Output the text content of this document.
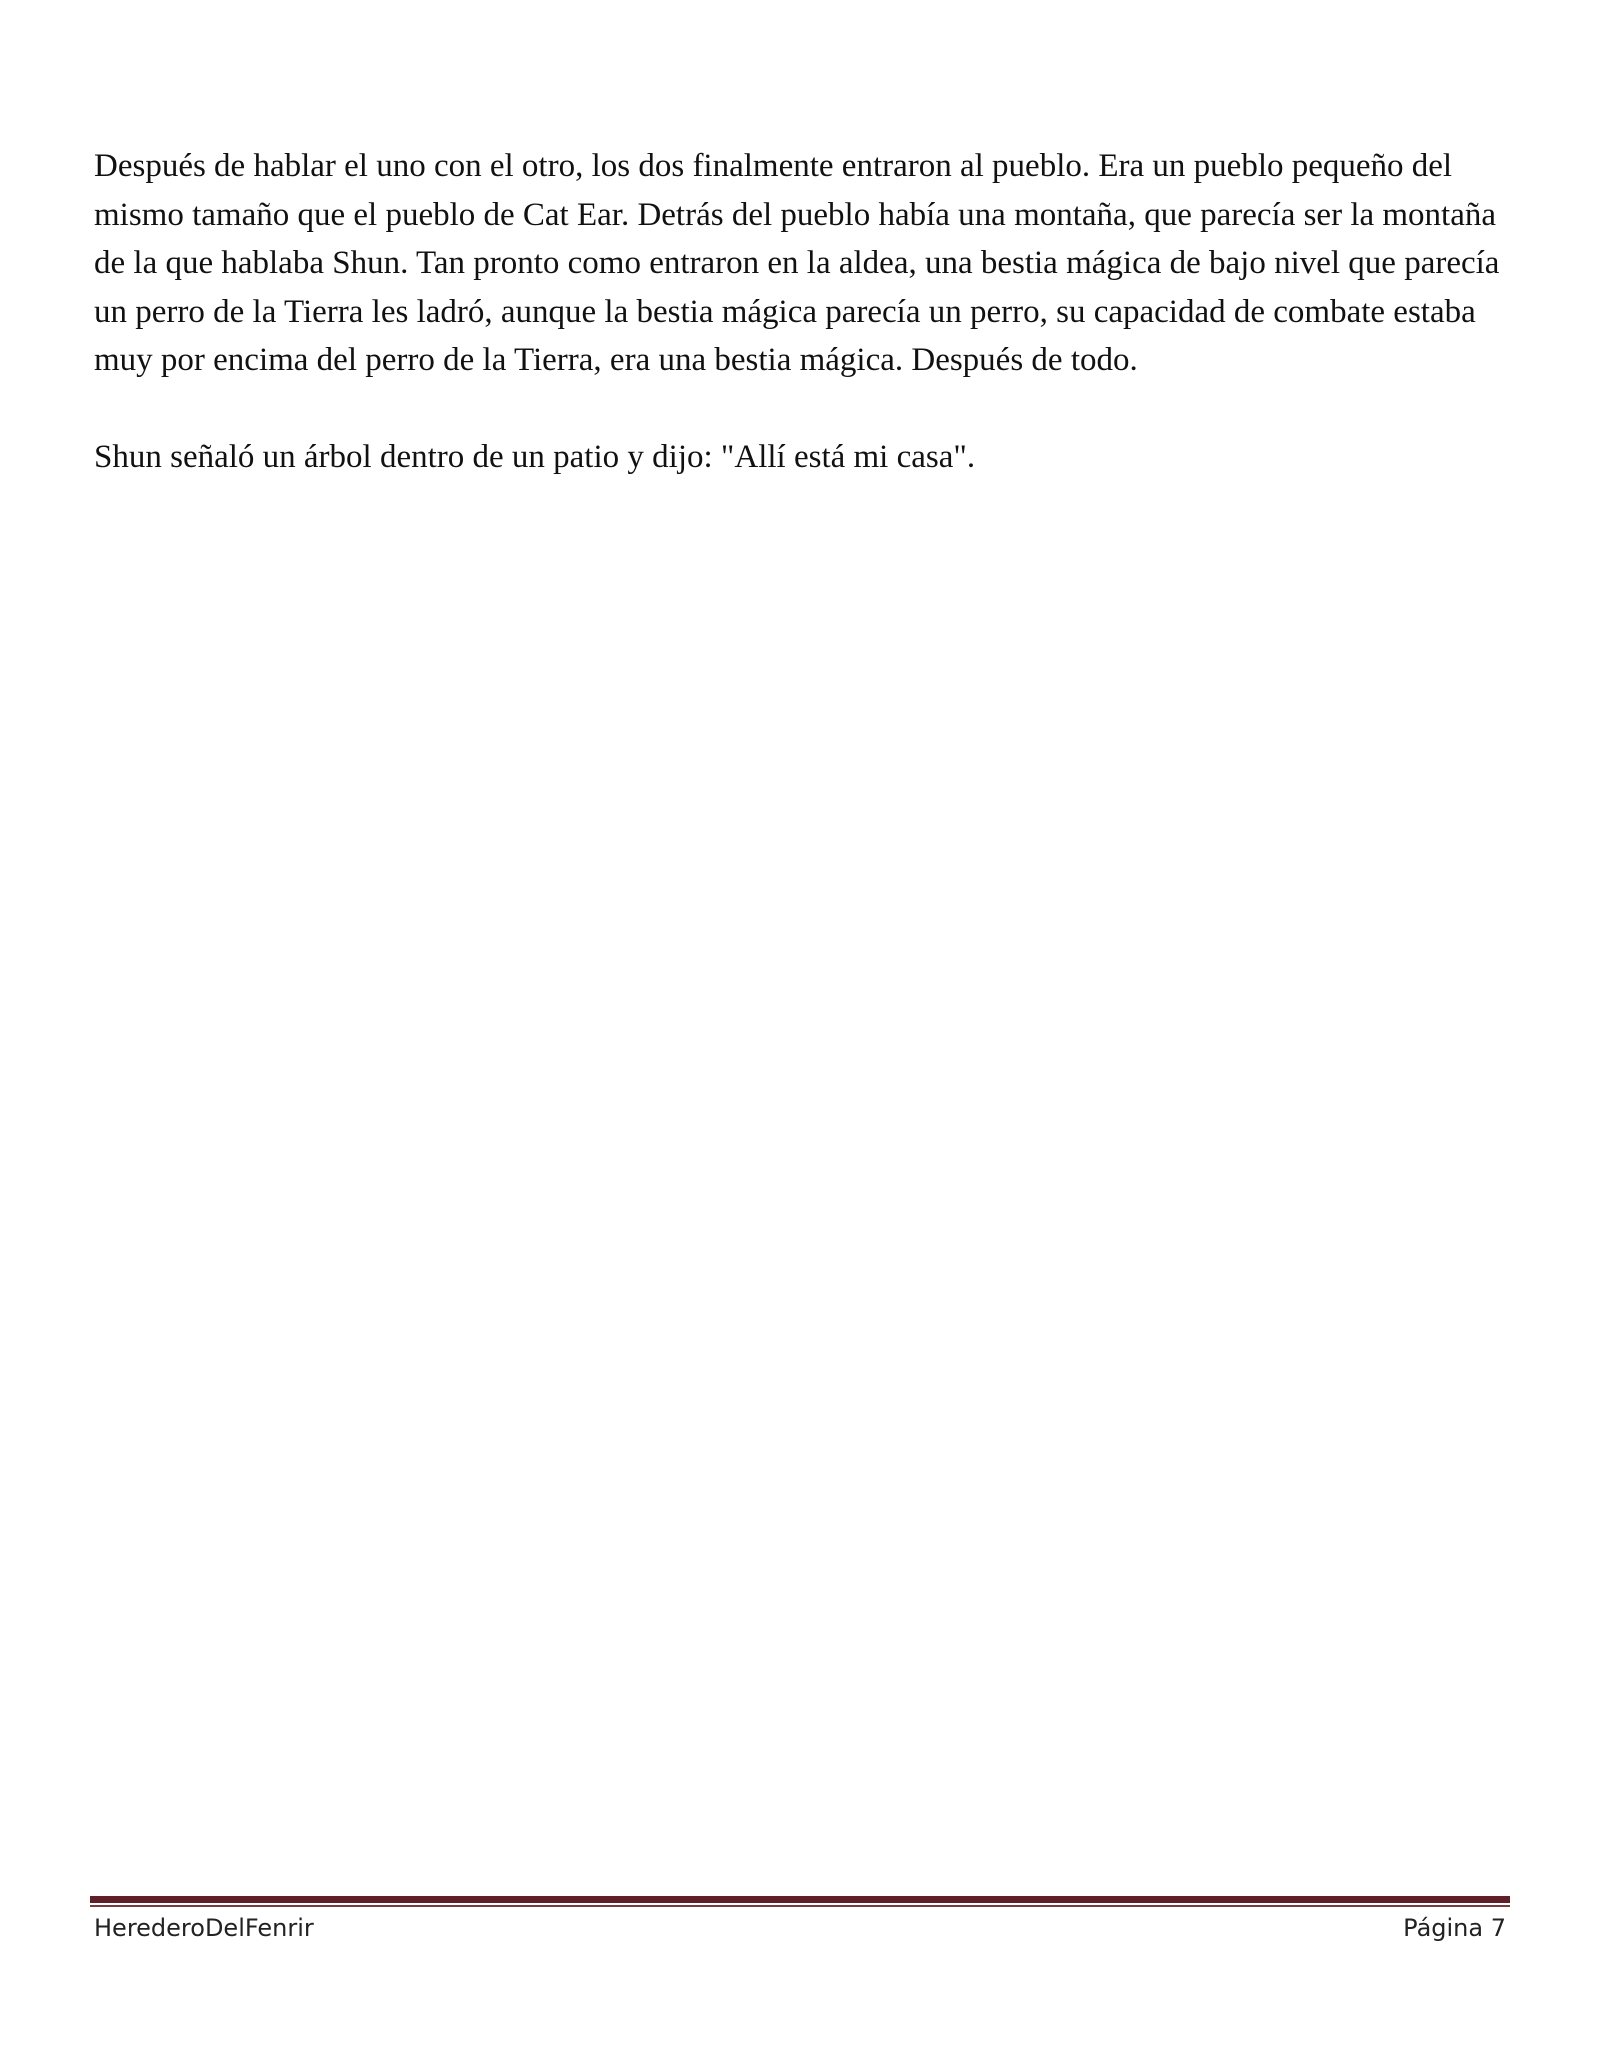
Después de hablar el uno con el otro, los dos finalmente entraron al pueblo. Era un pueblo pequeño del mismo tamaño que el pueblo de Cat Ear. Detrás del pueblo había una montaña, que parecía ser la montaña de la que hablaba Shun. Tan pronto como entraron en la aldea, una bestia mágica de bajo nivel que parecía un perro de la Tierra les ladró, aunque la bestia mágica parecía un perro, su capacidad de combate estaba muy por encima del perro de la Tierra, era una bestia mágica. Después de todo.

Shun señaló un árbol dentro de un patio y dijo: "Allí está mi casa".

HerederoDelFenrir	Página 7
